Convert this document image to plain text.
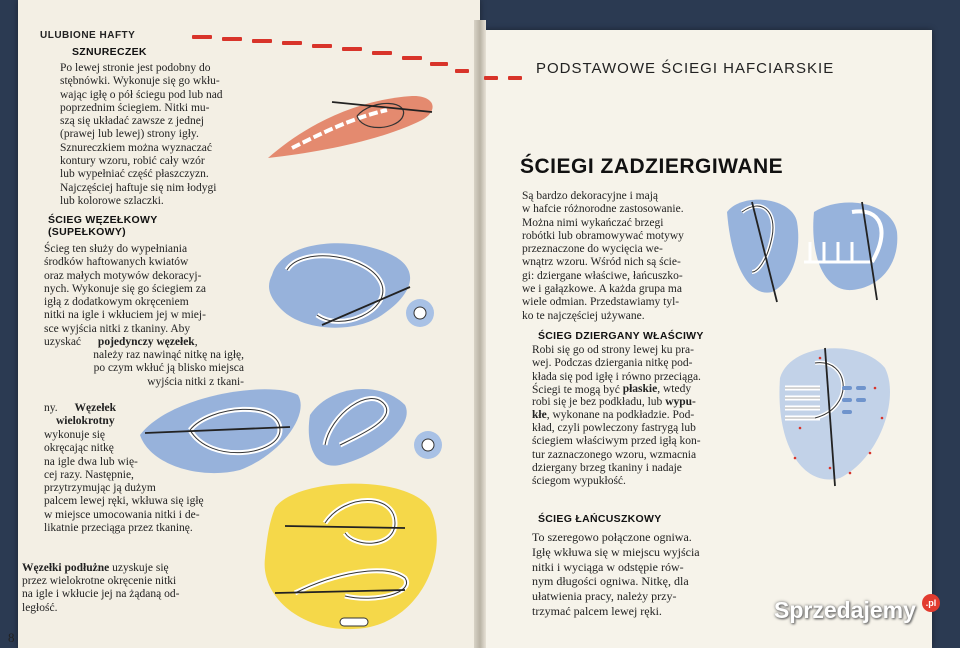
ULUBIONE HAFTY
PODSTAWOWE ŚCIEGI HAFCIARSKIE
SZNURECZEK
Po lewej stronie jest podobny do
stębnówki. Wykonuje się go wkłu-
wając igłę o pół ściegu pod lub nad
poprzednim ściegiem. Nitki mu-
szą się układać zawsze z jednej
(prawej lub lewej) strony igły.
Sznureczkiem można wyznaczać
kontury wzoru, robić cały wzór
lub wypełniać część płaszczyzn.
Najczęściej haftuje się nim łodygi
lub kolorowe szlaczki.
ŚCIEG WĘZEŁKOWY
(SUPEŁKOWY)
Ścieg ten służy do wypełniania
środków haftowanych kwiatów
oraz małych motywów dekoracyj-
nych. Wykonuje się go ściegiem za
igłą z dodatkowym okręceniem
nitki na igle i wkłuciem jej w miej-
sce wyjścia nitki z tkaniny. Aby
uzyskać pojedynczy węzełek,
należy raz nawinąć nitkę na igłę,
po czym wkłuć ją blisko miejsca
wyjścia nitki z tkani-
ny. Węzełek
wielokrotny
wykonuje się
okręcając nitkę
na igle dwa lub wię-
cej razy. Następnie,
przytrzymując ją dużym
palcem lewej ręki, wkłuwa się igłę
w miejsce umocowania nitki i de-
likatnie przeciąga przez tkaninę.
Węzełki podłużne uzyskuje się
przez wielokrotne okręcenie nitki
na igle i wkłucie jej na żądaną od-
ległość.
8
ŚCIEGI ZADZIERGIWANE
Są bardzo dekoracyjne i mają
w hafcie różnorodne zastosowanie.
Można nimi wykańczać brzegi
robótki lub obramowywać motywy
przeznaczone do wycięcia we-
wnątrz wzoru. Wśród nich są ście-
gi: dziergane właściwe, łańcuszko-
we i gałązkowe. A każda grupa ma
wiele odmian. Przedstawiamy tyl-
ko te najczęściej używane.
ŚCIEG DZIERGANY WŁAŚCIWY
Robi się go od strony lewej ku pra-
wej. Podczas dziergania nitkę pod-
kłada się pod igłę i równo przeciąga.
Ściegi te mogą być płaskie, wtedy
robi się je bez podkładu, lub wypu-
kłe, wykonane na podkładzie. Pod-
kład, czyli powleczony fastrygą lub
ściegiem właściwym przed igłą kon-
tur zaznaczonego wzoru, wzmacnia
dziergany brzeg tkaniny i nadaje
ściegom wypukłość.
ŚCIEG ŁAŃCUSZKOWY
To szeregowo połączone ogniwa.
Igłę wkłuwa się w miejscu wyjścia
nitki i wyciąga w odstępie rów-
nym długości ogniwa. Nitkę, dla
ułatwienia pracy, należy przy-
trzymać palcem lewej ręki.	Sprzedajemy	.pl
